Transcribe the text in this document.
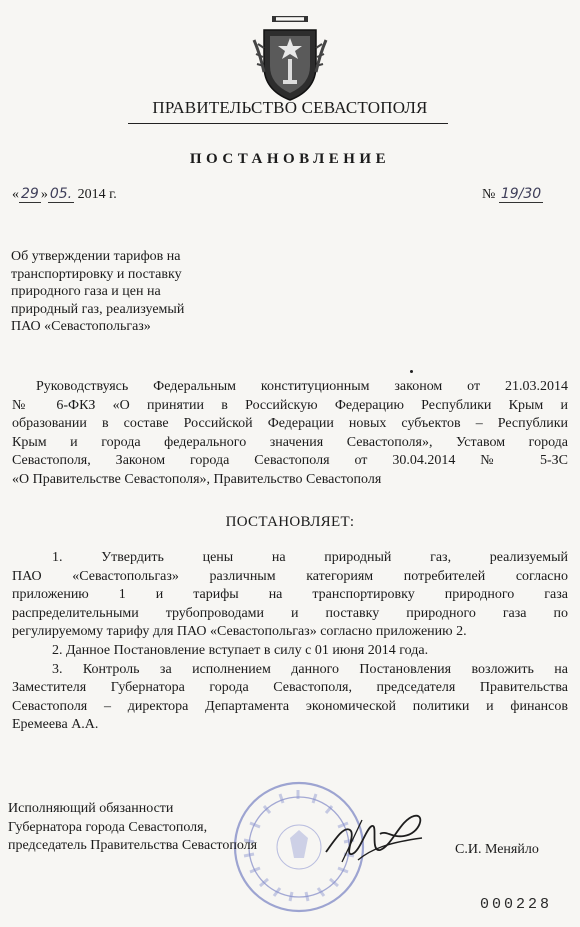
ПРАВИТЕЛЬСТВО СЕВАСТОПОЛЯ
ПОСТАНОВЛЕНИЕ
« 29 » 05. 2014 г.	№ 19/30
Об утверждении тарифов на
транспортировку и поставку
природного газа и цен на
природный газ, реализуемый
ПАО «Севастопольгаз»
Руководствуясь Федеральным конституционным законом от 21.03.2014
№ 6-ФКЗ «О принятии в Российскую Федерацию Республики Крым и
образовании в составе Российской Федерации новых субъектов – Республики
Крым и города федерального значения Севастополя», Уставом города
Севастополя, Законом города Севастополя от 30.04.2014 № 5-ЗС
«О Правительстве Севастополя», Правительство Севастополя
ПОСТАНОВЛЯЕТ:
1. Утвердить цены на природный газ, реализуемый
ПАО «Севастопольгаз» различным категориям потребителей согласно
приложению 1 и тарифы на транспортировку природного газа
распределительными трубопроводами и поставку природного газа по
регулируемому тарифу для ПАО «Севастопольгаз» согласно приложению 2.
2. Данное Постановление вступает в силу с 01 июня 2014 года.
3. Контроль за исполнением данного Постановления возложить на
Заместителя Губернатора города Севастополя, председателя Правительства
Севастополя – директора Департамента экономической политики и финансов
Еремеева А.А.
Исполняющий обязанности
Губернатора города Севастополя,
председатель Правительства Севастополя	С.И. Меняйло
000228
